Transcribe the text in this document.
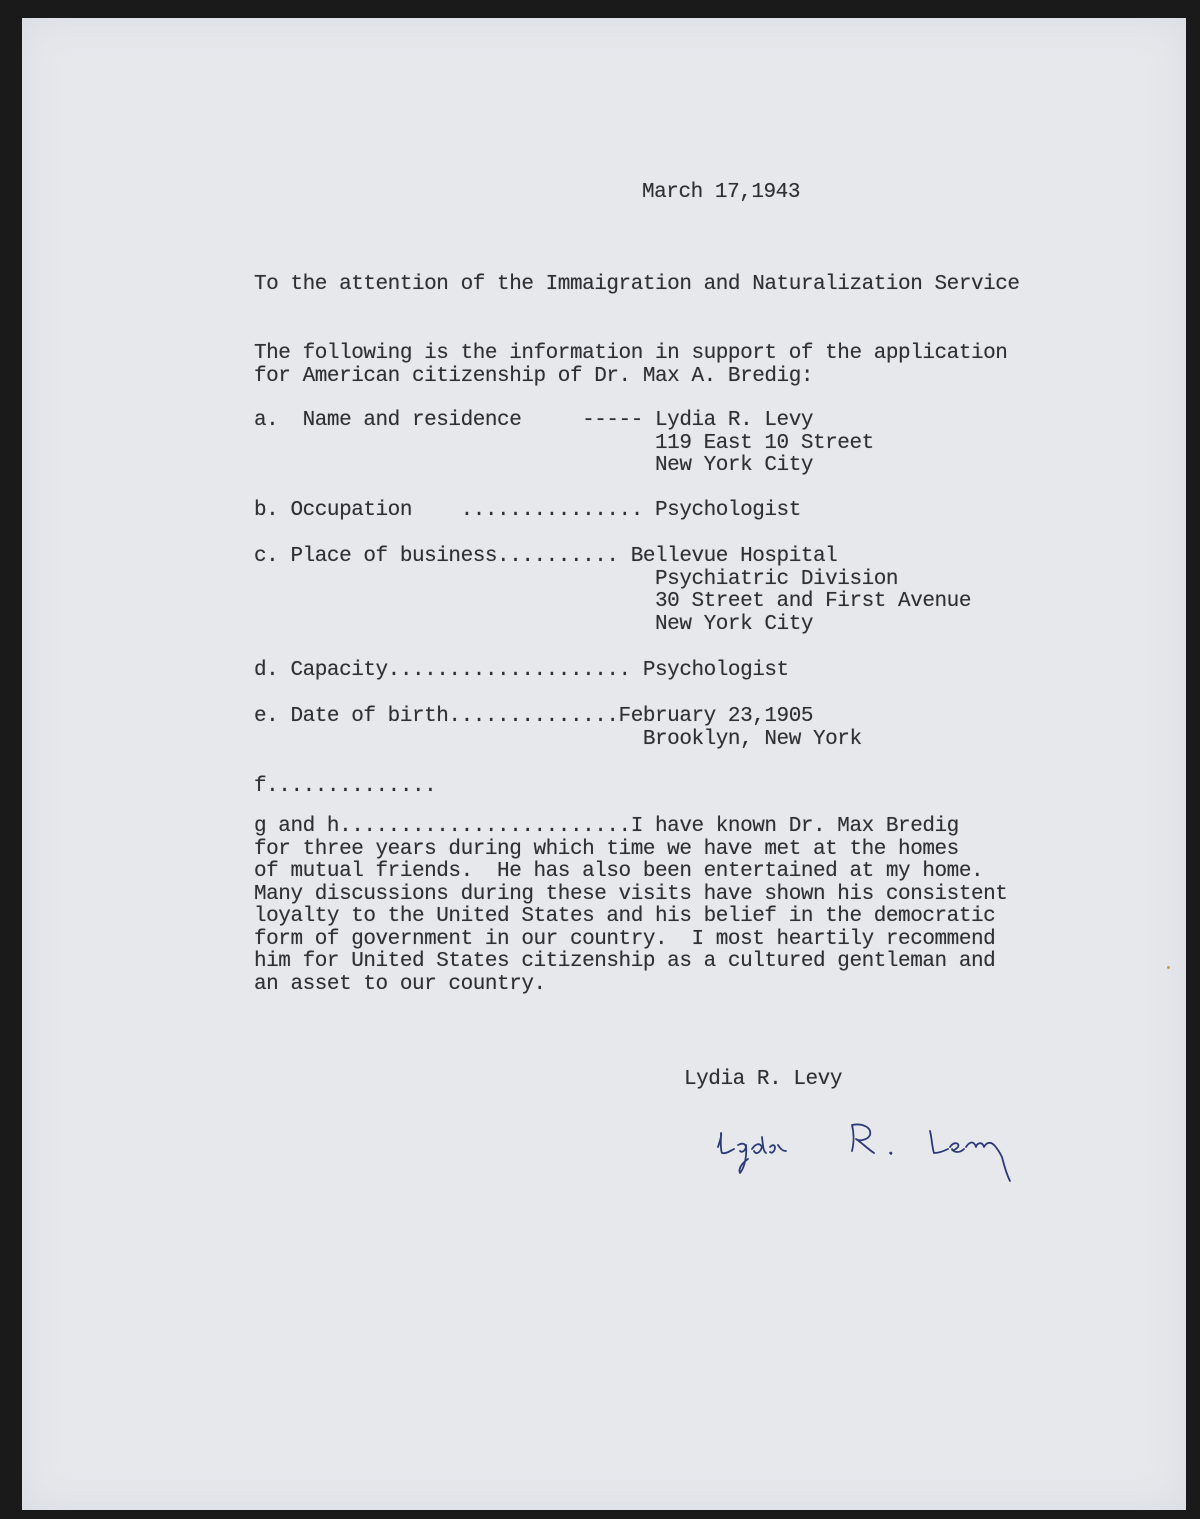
March 17,1943

To the attention of the Immaigration and Naturalization Service

The following is the information in support of the application
for American citizenship of Dr. Max A. Bredig:
a.  Name and residence     ----- Lydia R. Levy
119 East 10 Street
New York City
b. Occupation    ............... Psychologist
c. Place of business.......... Bellevue Hospital
Psychiatric Division
30 Street and First Avenue
New York City
d. Capacity.................... Psychologist
e. Date of birth..............February 23,1905
Brooklyn, New York
f..............
g and h........................I have known Dr. Max Bredig
for three years during which time we have met at the homes
of mutual friends.  He has also been entertained at my home.
Many discussions during these visits have shown his consistent
loyalty to the United States and his belief in the democratic
form of government in our country.  I most heartily recommend
him for United States citizenship as a cultured gentleman and
an asset to our country.

Lydia R. Levy
